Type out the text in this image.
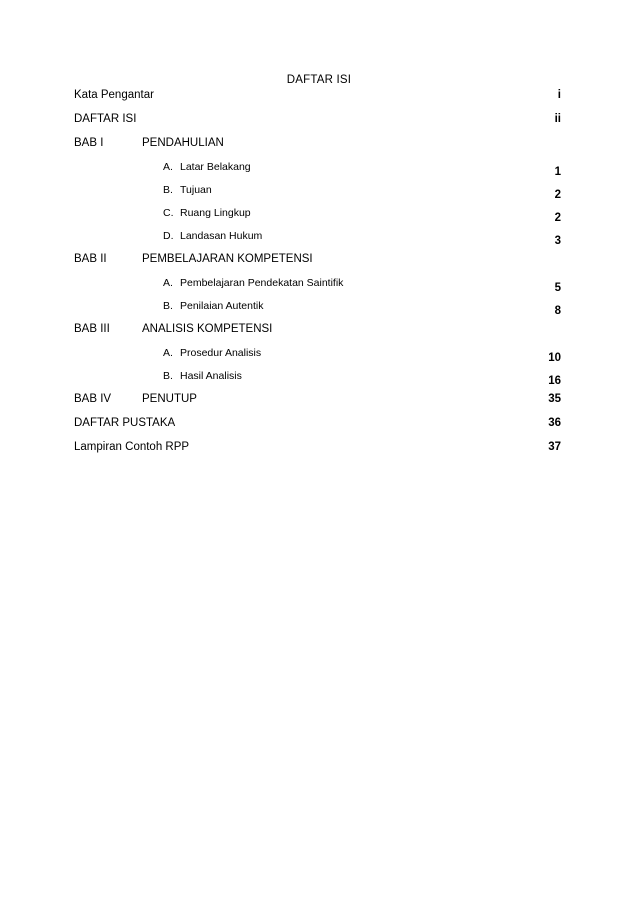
DAFTAR ISI
Kata Pengantar	i
DAFTAR ISI	ii
BAB I	PENDAHULIAN
A. Latar Belakang	1
B. Tujuan	2
C. Ruang Lingkup	2
D. Landasan Hukum	3
BAB II	PEMBELAJARAN KOMPETENSI
A. Pembelajaran Pendekatan Saintifik	5
B. Penilaian Autentik	8
BAB III	ANALISIS KOMPETENSI
A. Prosedur Analisis	10
B. Hasil Analisis	16
BAB IV	PENUTUP	35
DAFTAR PUSTAKA	36
Lampiran Contoh RPP	37
